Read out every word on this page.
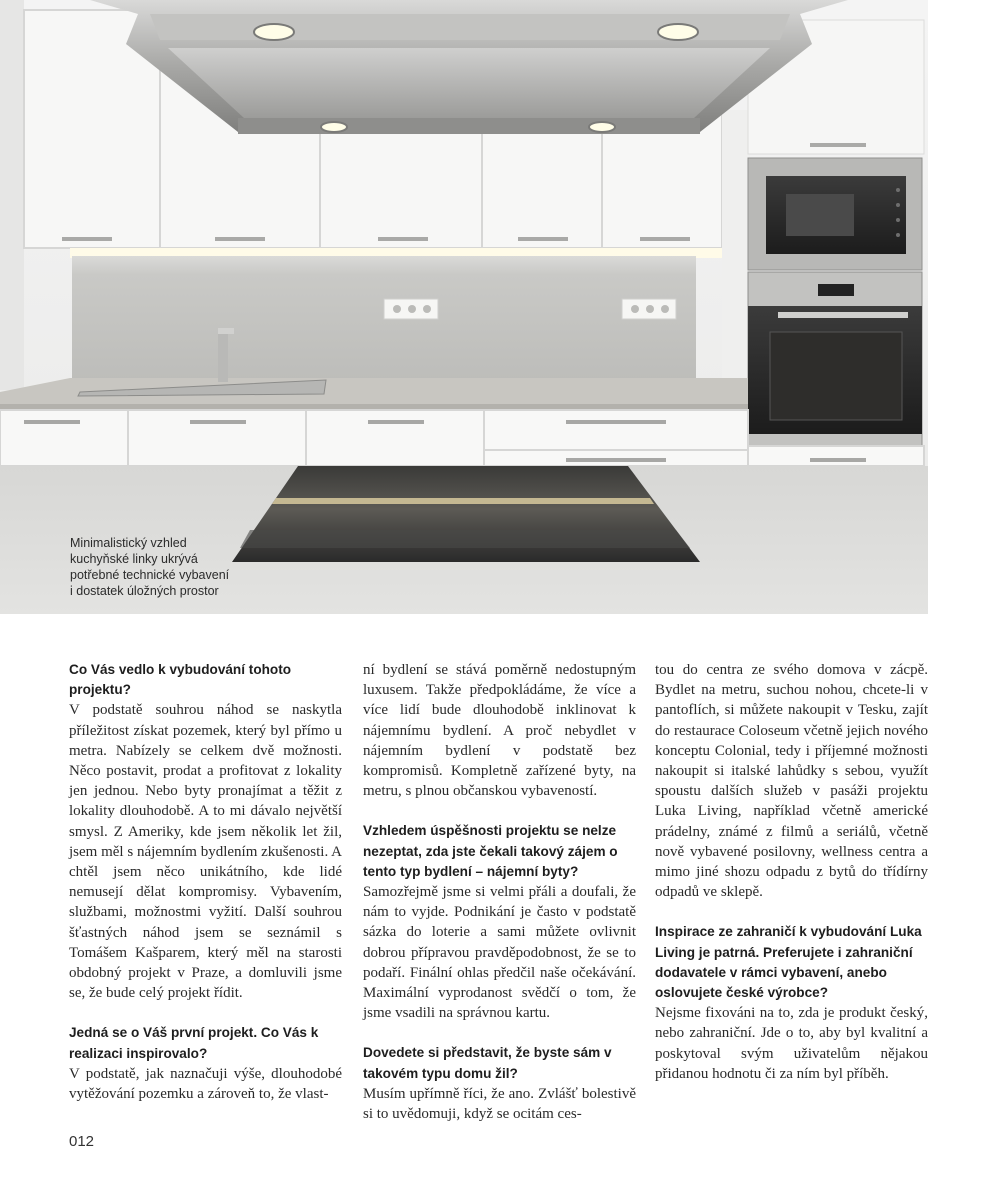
Minimalistický vzhled
kuchyňské linky ukrývá
potřebné technické vybavení
i dostatek úložných prostor
Co Vás vedlo k vybudování tohoto projektu?

V podstatě souhrou náhod se naskytla příležitost získat pozemek, který byl přímo u metra. Nabízely se celkem dvě možnosti. Něco postavit, prodat a profitovat z lokality jen jednou. Nebo byty pronajímat a těžit z lokality dlouhodobě. A to mi dávalo největší smysl. Z Ameriky, kde jsem několik let žil, jsem měl s nájemním bydlením zkušenosti. A chtěl jsem něco unikátního, kde lidé nemusejí dělat kompromisy. Vybavením, službami, možnostmi vyžití. Další souhrou šťastných náhod jsem se seznámil s Tomášem Kašparem, který měl na starosti obdobný projekt v Praze, a domluvili jsme se, že bude celý projekt řídit.

Jedná se o Váš první projekt. Co Vás k realizaci inspirovalo?

V podstatě, jak naznačuji výše, dlouhodobé vytěžování pozemku a zároveň to, že vlast-

ní bydlení se stává poměrně nedostupným luxusem. Takže předpokládáme, že více a více lidí bude dlouhodobě inklinovat k nájemnímu bydlení. A proč nebydlet v nájemním bydlení v podstatě bez kompromisů. Kompletně zařízené byty, na metru, s plnou občanskou vybaveností.

Vzhledem úspěšnosti projektu se nelze nezeptat, zda jste čekali takový zájem o tento typ bydlení – nájemní byty?

Samozřejmě jsme si velmi přáli a doufali, že nám to vyjde. Podnikání je často v podstatě sázka do loterie a sami můžete ovlivnit dobrou přípravou pravděpodobnost, že se to podaří. Finální ohlas předčil naše očekávání. Maximální vyprodanost svědčí o tom, že jsme vsadili na správnou kartu.

Dovedete si představit, že byste sám v takovém typu domu žil?

Musím upřímně říci, že ano. Zvlášť bolestivě si to uvědomuji, když se ocitám ces-

tou do centra ze svého domova v zácpě. Bydlet na metru, suchou nohou, chcete-li v pantoflích, si můžete nakoupit v Tesku, zajít do restaurace Coloseum včetně jejich nového konceptu Colonial, tedy i příjemné možnosti nakoupit si italské lahůdky s sebou, využít spoustu dalších služeb v pasáži projektu Luka Living, například včetně americké prádelny, známé z filmů a seriálů, včetně nově vybavené posilovny, wellness centra a mimo jiné shozu odpadu z bytů do třídírny odpadů ve sklepě.

Inspirace ze zahraničí k vybudování Luka Living je patrná. Preferujete i zahraniční dodavatele v rámci vybavení, anebo oslovujete české výrobce?

Nejsme fixováni na to, zda je produkt český, nebo zahraniční. Jde o to, aby byl kvalitní a poskytoval svým uživatelům nějakou přidanou hodnotu či za ním byl příběh.

012
